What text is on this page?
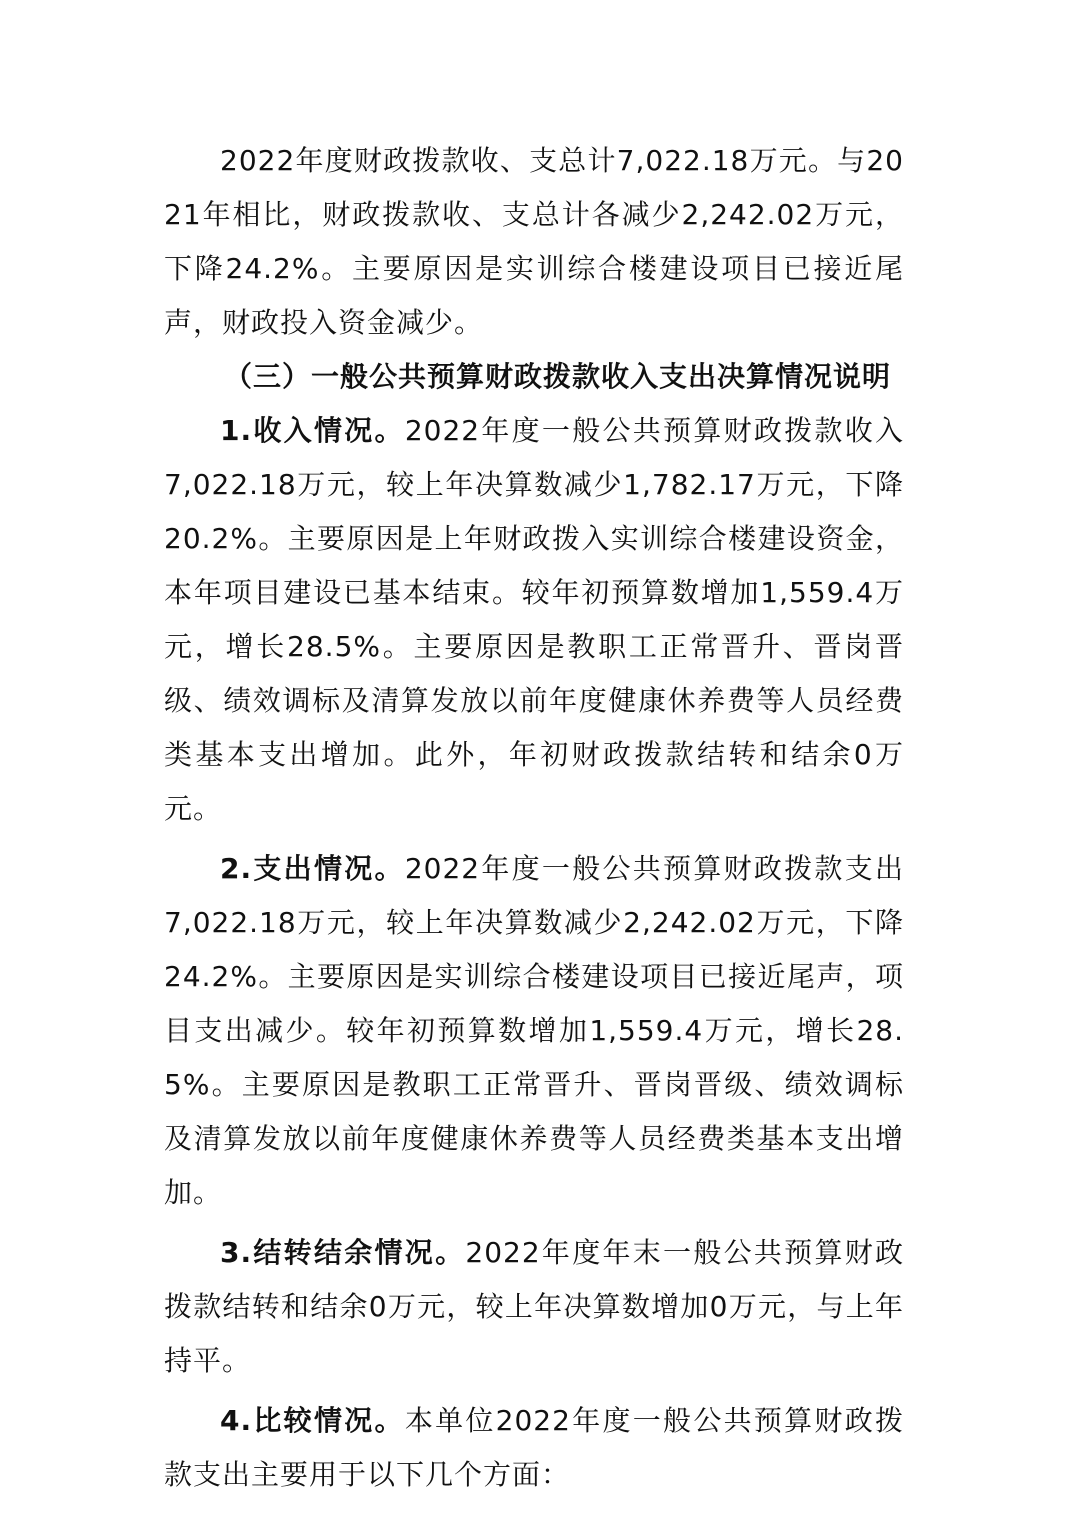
2022年度财政拨款收、支总计7,022.18万元。与2021年相比，财政拨款收、支总计各减少2,242.02万元，下降24.2%。主要原因是实训综合楼建设项目已接近尾声，财政投入资金减少。

（三）一般公共预算财政拨款收入支出决算情况说明

1.收入情况。2022年度一般公共预算财政拨款收入7,022.18万元，较上年决算数减少1,782.17万元，下降20.2%。主要原因是上年财政拨入实训综合楼建设资金，本年项目建设已基本结束。较年初预算数增加1,559.4万元，增长28.5%。主要原因是教职工正常晋升、晋岗晋级、绩效调标及清算发放以前年度健康休养费等人员经费类基本支出增加。此外，年初财政拨款结转和结余0万元。

2.支出情况。2022年度一般公共预算财政拨款支出7,022.18万元，较上年决算数减少2,242.02万元，下降24.2%。主要原因是实训综合楼建设项目已接近尾声，项目支出减少。较年初预算数增加1,559.4万元，增长28.5%。主要原因是教职工正常晋升、晋岗晋级、绩效调标及清算发放以前年度健康休养费等人员经费类基本支出增加。

3.结转结余情况。2022年度年末一般公共预算财政拨款结转和结余0万元，较上年决算数增加0万元，与上年持平。

4.比较情况。本单位2022年度一般公共预算财政拨款支出主要用于以下几个方面：
